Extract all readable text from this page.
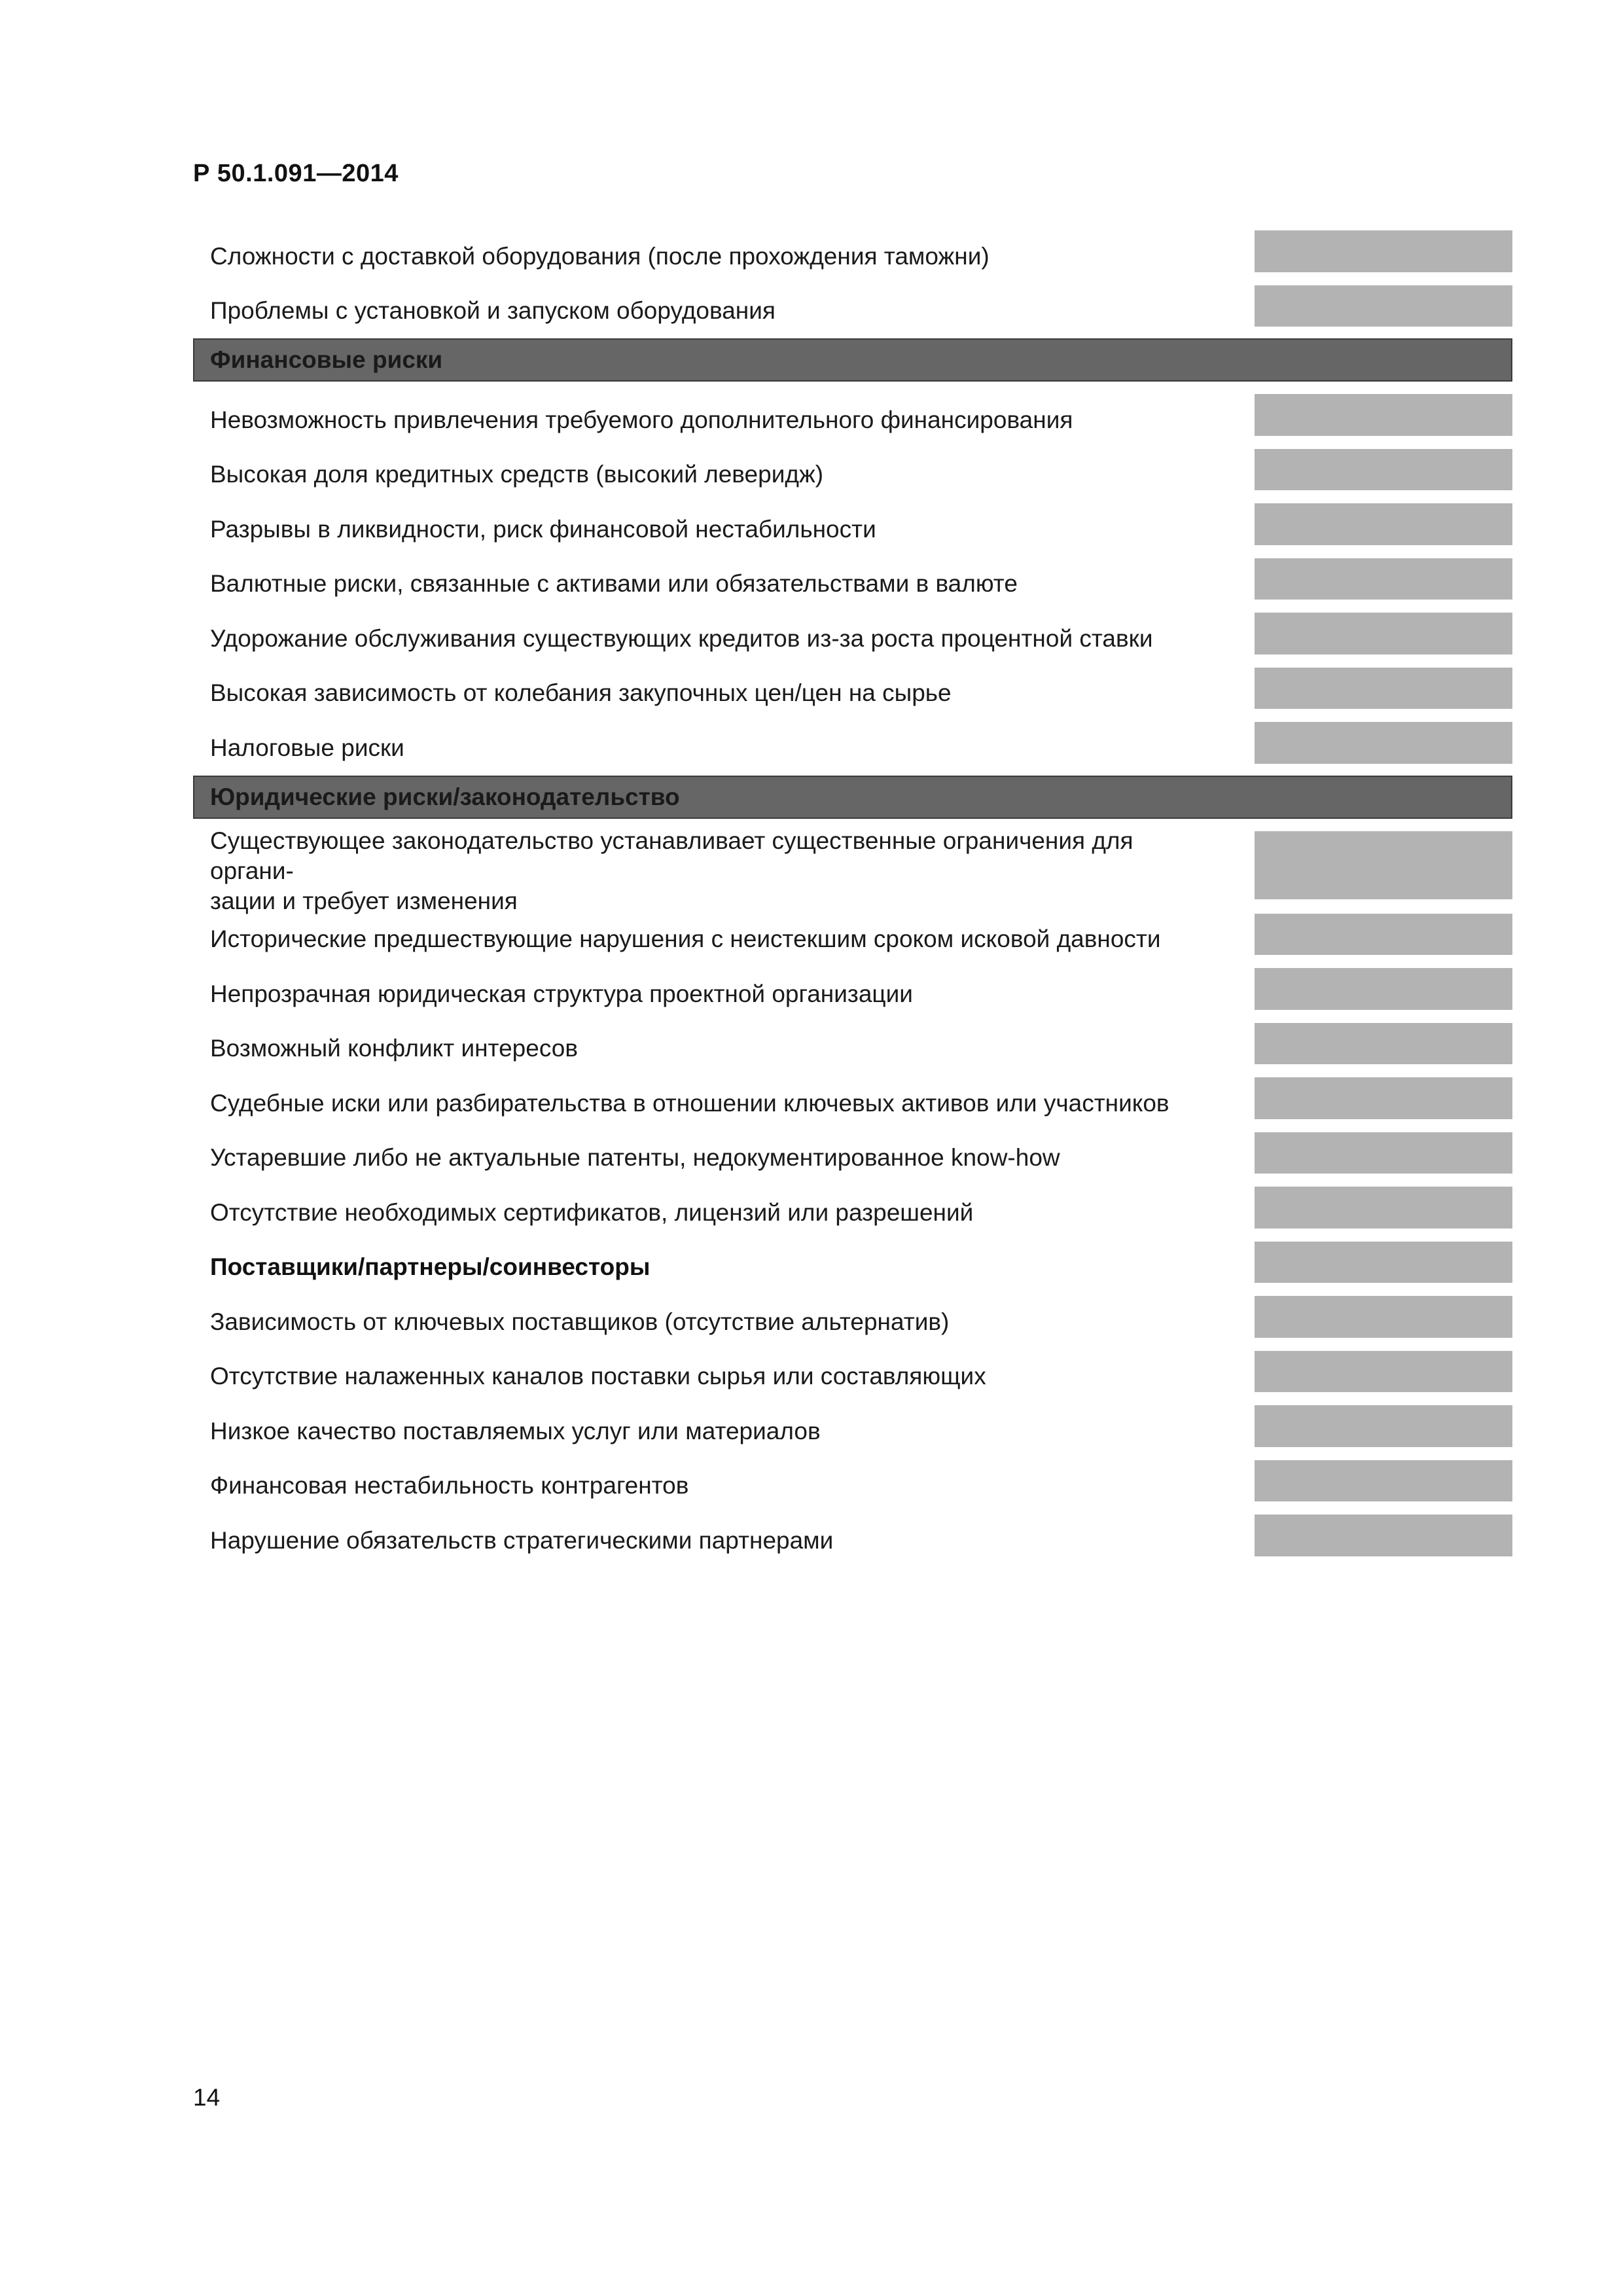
Р 50.1.091—2014
Сложности с доставкой оборудования (после прохождения таможни)
Проблемы с установкой и запуском оборудования
Финансовые риски
Невозможность привлечения требуемого дополнительного финансирования
Высокая доля кредитных средств (высокий леверидж)
Разрывы в ликвидности, риск финансовой нестабильности
Валютные риски, связанные с активами или обязательствами в валюте
Удорожание обслуживания существующих кредитов из-за роста процентной ставки
Высокая зависимость от колебания закупочных цен/цен на сырье
Налоговые риски
Юридические риски/законодательство
Существующее законодательство устанавливает существенные ограничения для органи-
зации и требует изменения
Исторические предшествующие нарушения с неистекшим сроком исковой давности
Непрозрачная юридическая структура проектной организации
Возможный конфликт интересов
Судебные иски или разбирательства в отношении ключевых активов или участников
Устаревшие либо не актуальные патенты, недокументированное know-how
Отсутствие необходимых сертификатов, лицензий или разрешений
Поставщики/партнеры/соинвесторы
Зависимость от ключевых поставщиков (отсутствие альтернатив)
Отсутствие налаженных каналов поставки сырья или составляющих
Низкое качество поставляемых услуг или материалов
Финансовая нестабильность контрагентов
Нарушение обязательств стратегическими партнерами
14
